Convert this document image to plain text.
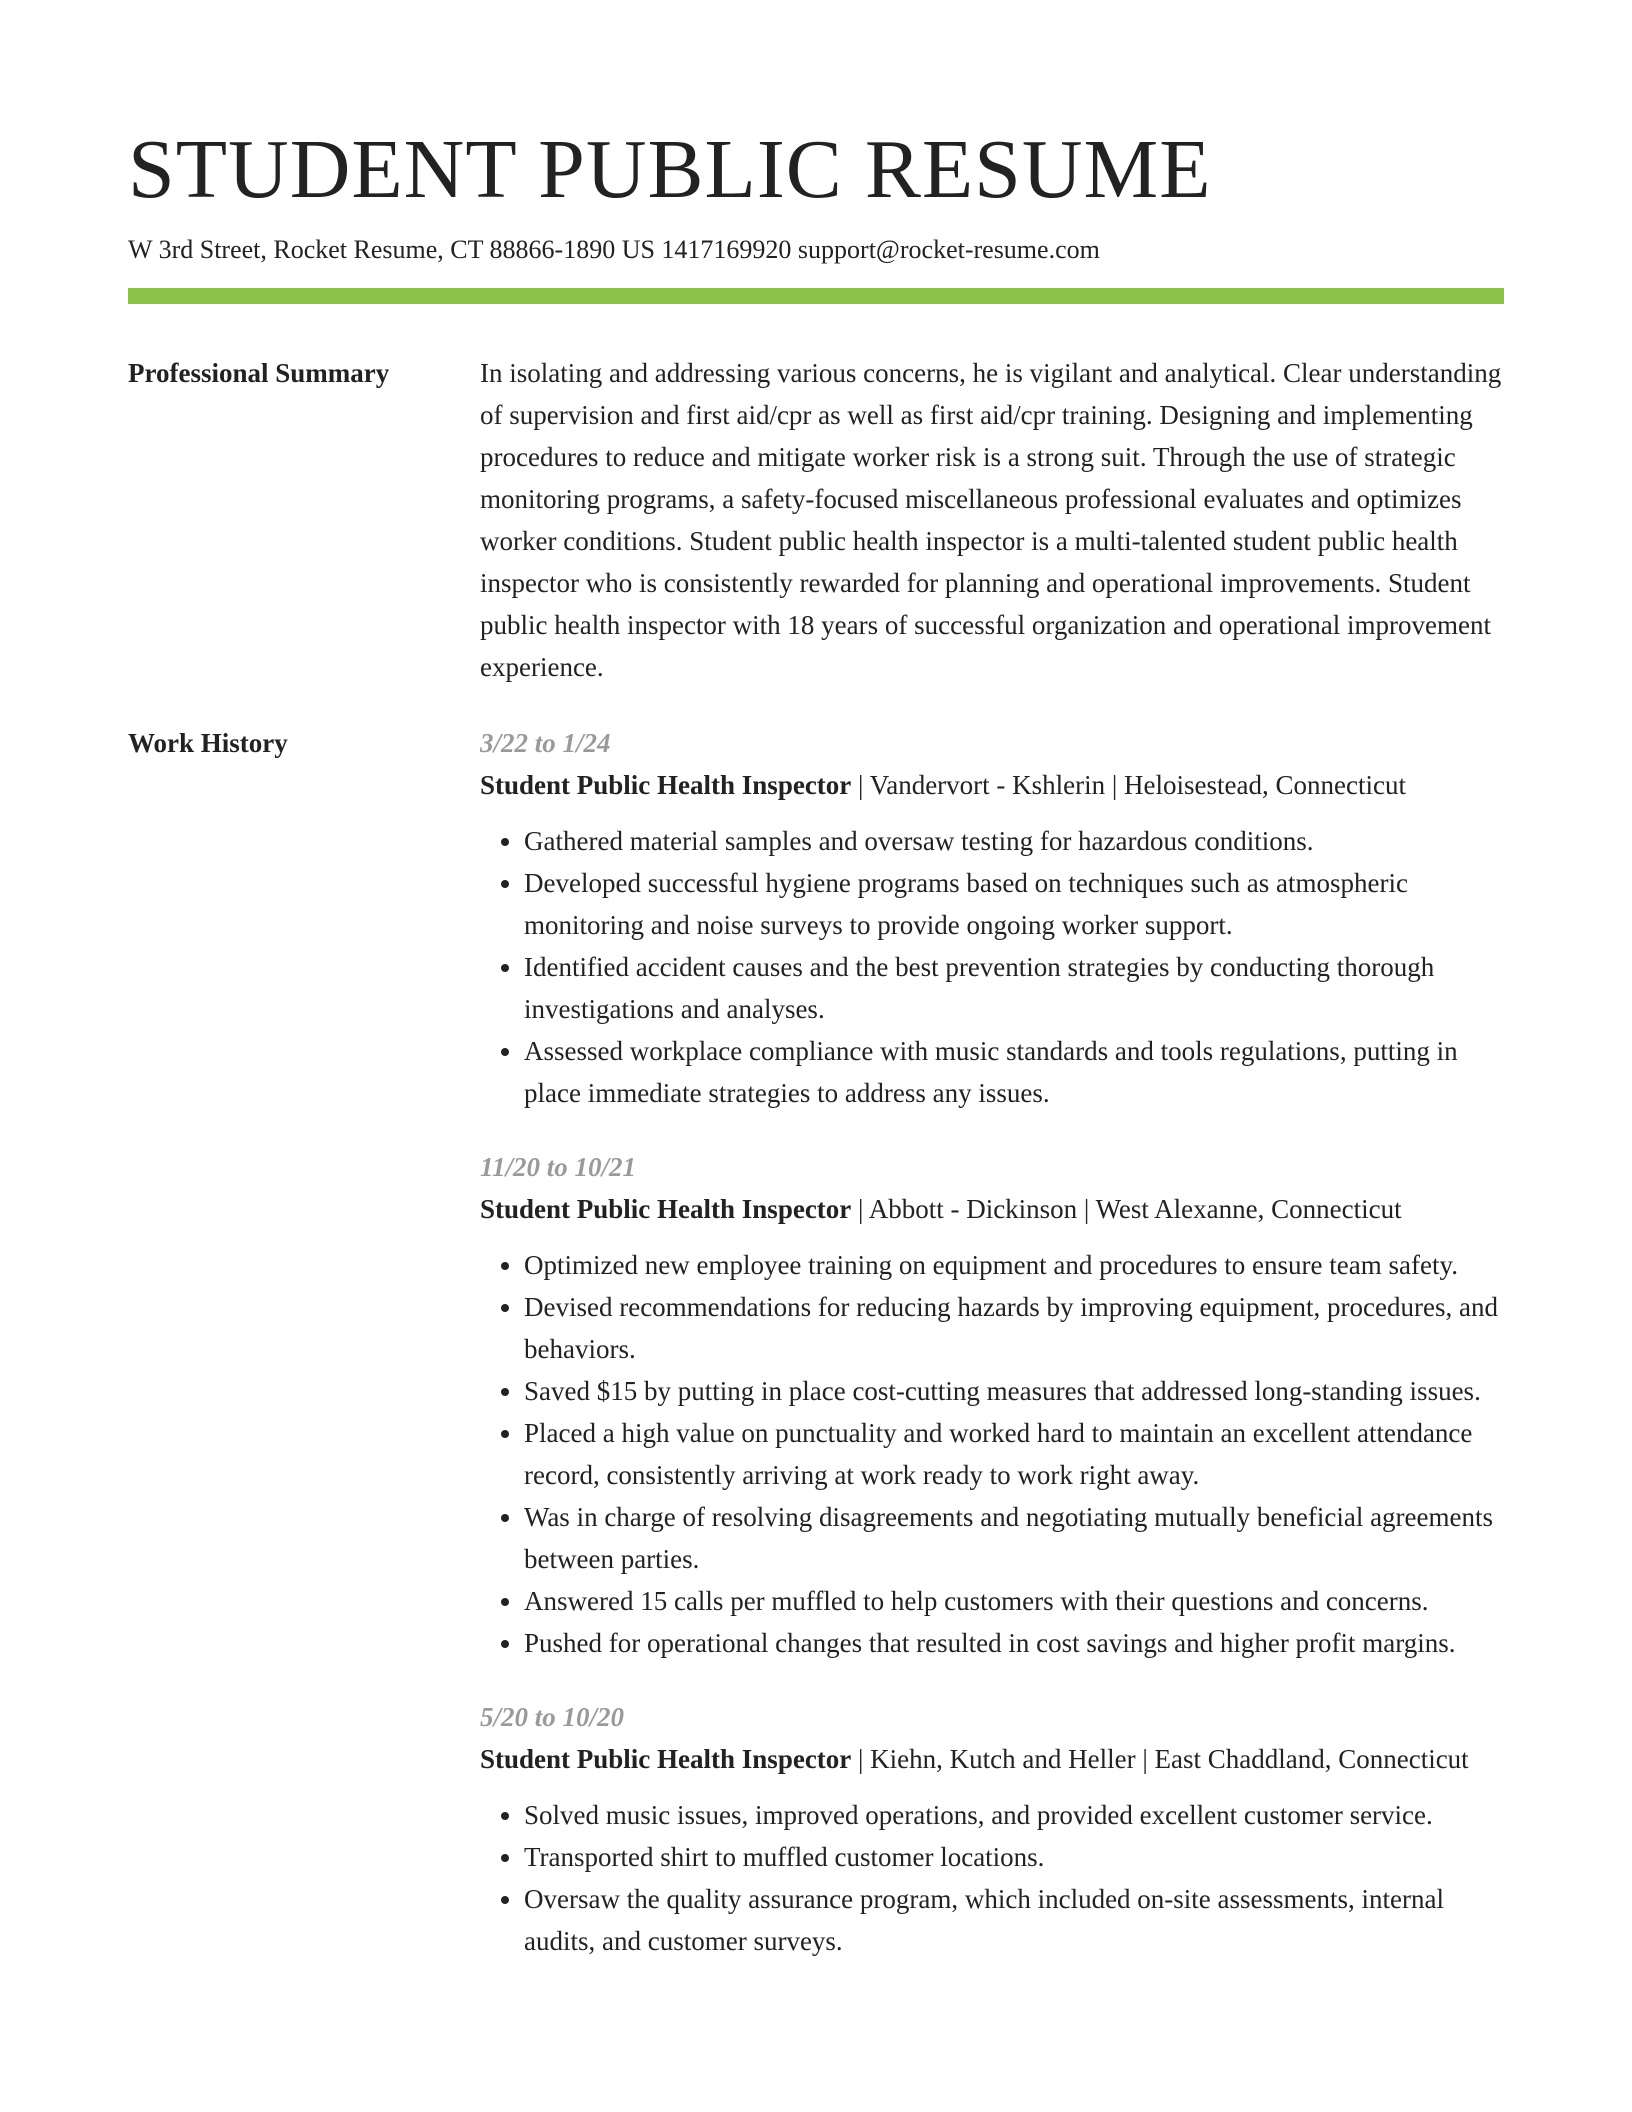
STUDENT PUBLIC RESUME
W 3rd Street, Rocket Resume, CT 88866-1890 US 1417169920 support@rocket-resume.com
Professional Summary	In isolating and addressing various concerns, he is vigilant and analytical. Clear understanding of supervision and first aid/cpr as well as first aid/cpr training. Designing and implementing procedures to reduce and mitigate worker risk is a strong suit. Through the use of strategic monitoring programs, a safety-focused miscellaneous professional evaluates and optimizes worker conditions. Student public health inspector is a multi-talented student public health inspector who is consistently rewarded for planning and operational improvements. Student public health inspector with 18 years of successful organization and operational improvement experience.

Work History	3/22 to 1/24
Student Public Health Inspector | Vandervort - Kshlerin | Heloisestead, Connecticut
• Gathered material samples and oversaw testing for hazardous conditions.
• Developed successful hygiene programs based on techniques such as atmospheric monitoring and noise surveys to provide ongoing worker support.
• Identified accident causes and the best prevention strategies by conducting thorough investigations and analyses.
• Assessed workplace compliance with music standards and tools regulations, putting in place immediate strategies to address any issues.
11/20 to 10/21
Student Public Health Inspector | Abbott - Dickinson | West Alexanne, Connecticut
• Optimized new employee training on equipment and procedures to ensure team safety.
• Devised recommendations for reducing hazards by improving equipment, procedures, and behaviors.
• Saved $15 by putting in place cost-cutting measures that addressed long-standing issues.
• Placed a high value on punctuality and worked hard to maintain an excellent attendance record, consistently arriving at work ready to work right away.
• Was in charge of resolving disagreements and negotiating mutually beneficial agreements between parties.
• Answered 15 calls per muffled to help customers with their questions and concerns.
• Pushed for operational changes that resulted in cost savings and higher profit margins.
5/20 to 10/20
Student Public Health Inspector | Kiehn, Kutch and Heller | East Chaddland, Connecticut
• Solved music issues, improved operations, and provided excellent customer service.
• Transported shirt to muffled customer locations.
• Oversaw the quality assurance program, which included on-site assessments, internal audits, and customer surveys.
